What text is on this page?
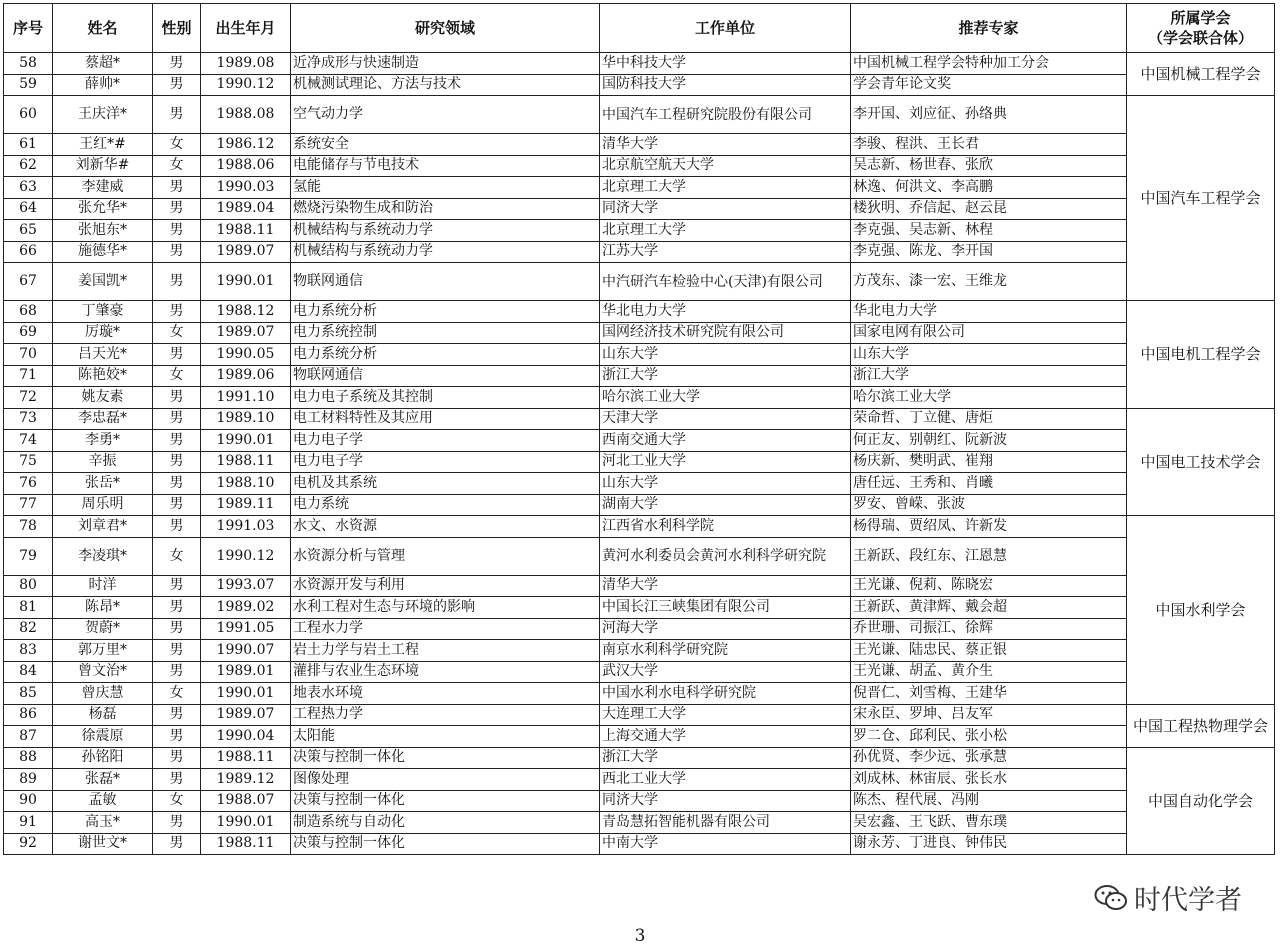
序号	姓名	性别	出生年月	研究领域	工作单位	推荐专家	所属学会
（学会联合体）
58	蔡超*	男	1989.08	近净成形与快速制造	华中科技大学	中国机械工程学会特种加工分会	中国机械工程学会
59	薛帅*	男	1990.12	机械测试理论、方法与技术	国防科技大学	学会青年论文奖	
60	王庆洋*	男	1988.08	空气动力学	中国汽车工程研究院股份有限公司	李开国、刘应征、孙络典	中国汽车工程学会
61	王红*#	女	1986.12	系统安全	清华大学	李骏、程洪、王长君	
62	刘新华#	女	1988.06	电能储存与节电技术	北京航空航天大学	吴志新、杨世春、张欣	
63	李建威	男	1990.03	氢能	北京理工大学	林逸、何洪文、李高鹏	
64	张允华*	男	1989.04	燃烧污染物生成和防治	同济大学	楼狄明、乔信起、赵云昆	
65	张旭东*	男	1988.11	机械结构与系统动力学	北京理工大学	李克强、吴志新、林程	
66	施德华*	男	1989.07	机械结构与系统动力学	江苏大学	李克强、陈龙、李开国	
67	姜国凯*	男	1990.01	物联网通信	中汽研汽车检验中心(天津)有限公司	方茂东、漆一宏、王维龙	
68	丁肇豪	男	1988.12	电力系统分析	华北电力大学	华北电力大学	中国电机工程学会
69	厉璇*	女	1989.07	电力系统控制	国网经济技术研究院有限公司	国家电网有限公司	
70	吕天光*	男	1990.05	电力系统分析	山东大学	山东大学	
71	陈艳姣*	女	1989.06	物联网通信	浙江大学	浙江大学	
72	姚友素	男	1991.10	电力电子系统及其控制	哈尔滨工业大学	哈尔滨工业大学	
73	李忠磊*	男	1989.10	电工材料特性及其应用	天津大学	荣命哲、丁立健、唐炬	中国电工技术学会
74	李勇*	男	1990.01	电力电子学	西南交通大学	何正友、别朝红、阮新波	
75	辛振	男	1988.11	电力电子学	河北工业大学	杨庆新、樊明武、崔翔	
76	张岳*	男	1988.10	电机及其系统	山东大学	唐任远、王秀和、肖曦	
77	周乐明	男	1989.11	电力系统	湖南大学	罗安、曾嵘、张波	
78	刘章君*	男	1991.03	水文、水资源	江西省水利科学院	杨得瑞、贾绍凤、许新发	中国水利学会
79	李凌琪*	女	1990.12	水资源分析与管理	黄河水利委员会黄河水利科学研究院	王新跃、段红东、江恩慧	
80	时洋	男	1993.07	水资源开发与利用	清华大学	王光谦、倪莉、陈晓宏	
81	陈昂*	男	1989.02	水利工程对生态与环境的影响	中国长江三峡集团有限公司	王新跃、黄津辉、戴会超	
82	贺蔚*	男	1991.05	工程水力学	河海大学	乔世珊、司振江、徐辉	
83	郭万里*	男	1990.07	岩土力学与岩土工程	南京水利科学研究院	王光谦、陆忠民、蔡正银	
84	曾文治*	男	1989.01	灌排与农业生态环境	武汉大学	王光谦、胡孟、黄介生	
85	曾庆慧	女	1990.01	地表水环境	中国水利水电科学研究院	倪晋仁、刘雪梅、王建华	
86	杨磊	男	1989.07	工程热力学	大连理工大学	宋永臣、罗坤、吕友军	中国工程热物理学会
87	徐震原	男	1990.04	太阳能	上海交通大学	罗二仓、邱利民、张小松	
88	孙铭阳	男	1988.11	决策与控制一体化	浙江大学	孙优贤、李少远、张承慧	中国自动化学会
89	张磊*	男	1989.12	图像处理	西北工业大学	刘成林、林宙辰、张长水	
90	孟敏	女	1988.07	决策与控制一体化	同济大学	陈杰、程代展、冯刚	
91	高玉*	男	1990.01	制造系统与自动化	青岛慧拓智能机器有限公司	吴宏鑫、王飞跃、曹东璞	
92	谢世文*	男	1988.11	决策与控制一体化	中南大学	谢永芳、丁进良、钟伟民	
时代学者
3
